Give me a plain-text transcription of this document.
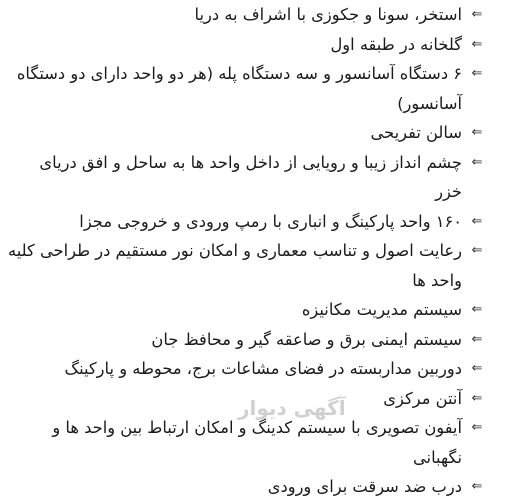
⇐
استخر، سونا و جکوزی با اشراف به دریا
⇐
گلخانه در طبقه اول
⇐
۶ دستگاه آسانسور و سه دستگاه پله (هر دو واحد دارای دو دستگاه آسانسور)
⇐
سالن تفریحی
⇐
چشم انداز زیبا و رویایی از داخل واحد ها به ساحل و افق دریای خزر
⇐
۱۶۰ واحد پارکینگ و انباری با رمپ ورودی و خروجی مجزا
⇐
رعایت اصول و تناسب معماری و امکان نور مستقیم در طراحی کلیه واحد ها
⇐
سیستم مدیریت مکانیزه
⇐
سیستم ایمنی برق و صاعقه گیر و محافظ جان
⇐
دوربین مداربسته در فضای مشاعات برج، محوطه و پارکینگ
⇐
آنتن مرکزی
⇐
آیفون تصویری با سیستم کدینگ و امکان ارتباط بین واحد ها و نگهبانی
⇐
درب ضد سرقت برای ورودی
آگهی دیوار
